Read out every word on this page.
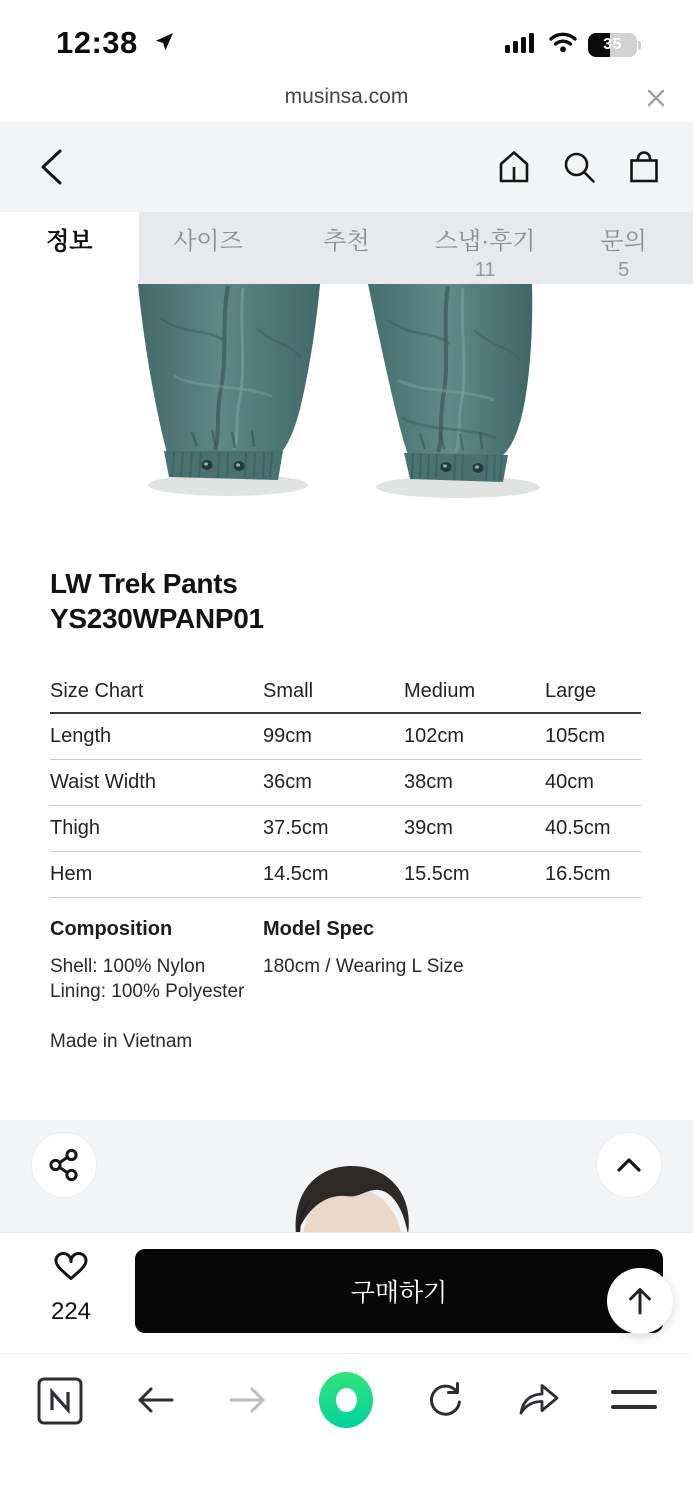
12:38	35
musinsa.com
정보	사이즈	추천	스냅·후기
11
문의
5
LW Trek Pants
YS230WPANP01
Size Chart	Small	Medium	Large
Length	99cm	102cm	105cm
Waist Width	36cm	38cm	40cm
Thigh	37.5cm	39cm	40.5cm
Hem	14.5cm	15.5cm	16.5cm
Composition
Shell: 100% Nylon
Lining: 100% Polyester
Made in Vietnam
Model Spec
180cm / Wearing L Size
224
구매하기
